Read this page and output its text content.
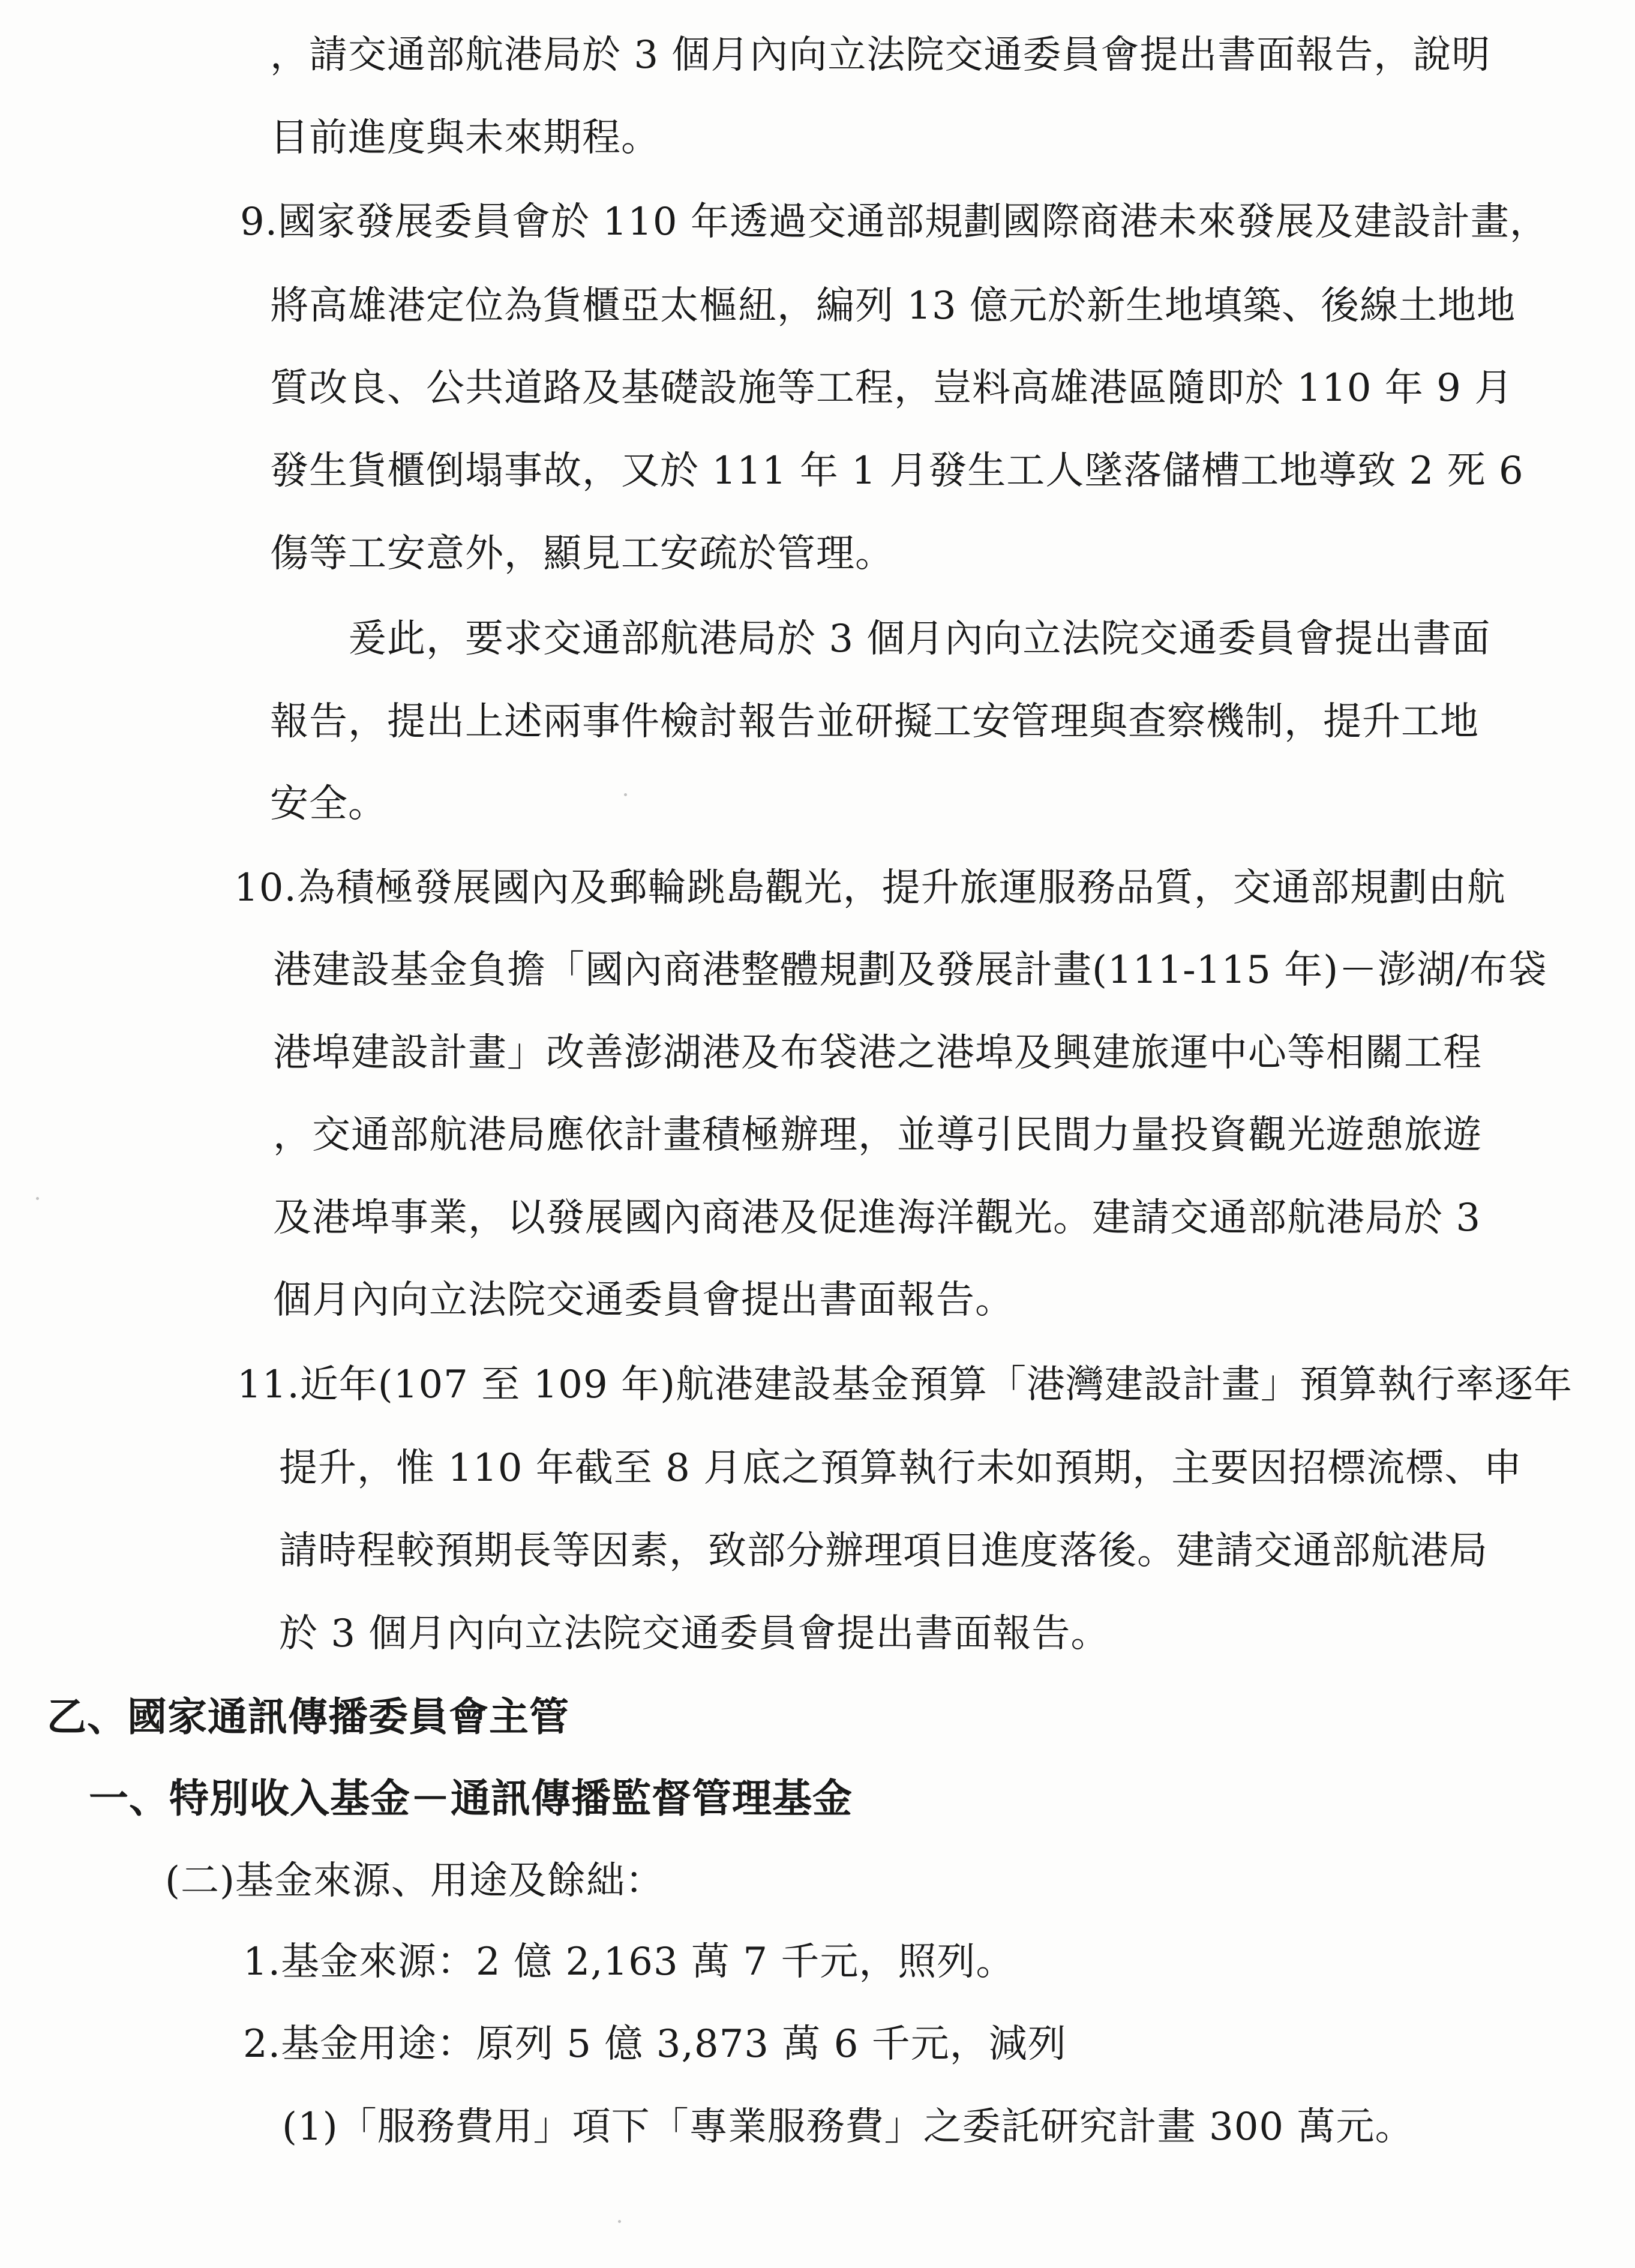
，請交通部航港局於 3 個月內向立法院交通委員會提出書面報告，說明
目前進度與未來期程。
9.國家發展委員會於 110 年透過交通部規劃國際商港未來發展及建設計畫，
將高雄港定位為貨櫃亞太樞紐，編列 13 億元於新生地填築、後線土地地
質改良、公共道路及基礎設施等工程，豈料高雄港區隨即於 110 年 9 月
發生貨櫃倒塌事故，又於 111 年 1 月發生工人墜落儲槽工地導致 2 死 6
傷等工安意外，顯見工安疏於管理。
爰此，要求交通部航港局於 3 個月內向立法院交通委員會提出書面
報告，提出上述兩事件檢討報告並研擬工安管理與查察機制，提升工地
安全。
10.為積極發展國內及郵輪跳島觀光，提升旅運服務品質，交通部規劃由航
港建設基金負擔「國內商港整體規劃及發展計畫(111-115 年)－澎湖/布袋
港埠建設計畫」改善澎湖港及布袋港之港埠及興建旅運中心等相關工程
，交通部航港局應依計畫積極辦理，並導引民間力量投資觀光遊憩旅遊
及港埠事業，以發展國內商港及促進海洋觀光。建請交通部航港局於 3
個月內向立法院交通委員會提出書面報告。
11.近年(107 至 109 年)航港建設基金預算「港灣建設計畫」預算執行率逐年
提升，惟 110 年截至 8 月底之預算執行未如預期，主要因招標流標、申
請時程較預期長等因素，致部分辦理項目進度落後。建請交通部航港局
於 3 個月內向立法院交通委員會提出書面報告。
乙、國家通訊傳播委員會主管
一、特別收入基金－通訊傳播監督管理基金
(二)基金來源、用途及餘絀：
1.基金來源：2 億 2,163 萬 7 千元，照列。
2.基金用途：原列 5 億 3,873 萬 6 千元，減列
(1)「服務費用」項下「專業服務費」之委託研究計畫 300 萬元。
